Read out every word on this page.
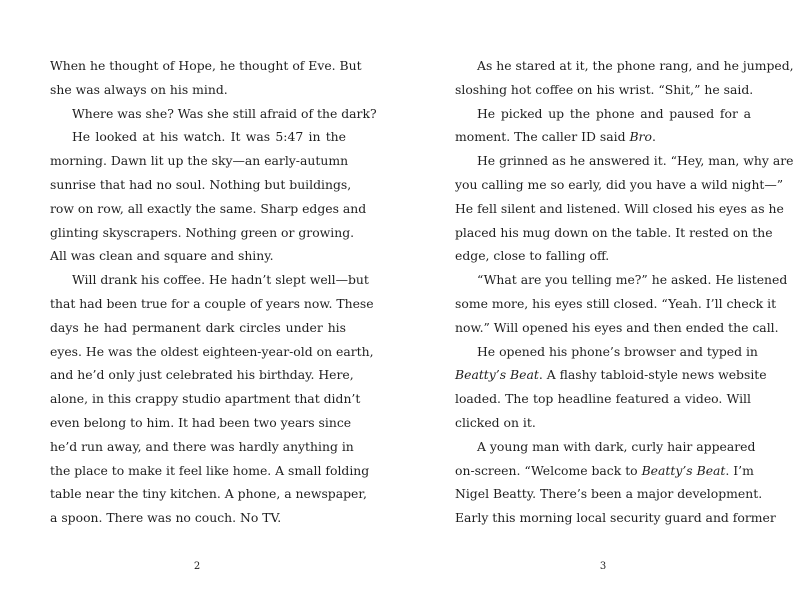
When he thought of Hope, he thought of Eve. But
she was always on his mind.
Where was she? Was she still afraid of the dark?
He looked at his watch. It was 5:47 in the
morning. Dawn lit up the sky—an early-autumn
sunrise that had no soul. Nothing but buildings,
row on row, all exactly the same. Sharp edges and
glinting skyscrapers. Nothing green or growing.
All was clean and square and shiny.
Will drank his coffee. He hadn’t slept well—but
that had been true for a couple of years now. These
days he had permanent dark circles under his
eyes. He was the oldest eighteen-year-old on earth,
and he’d only just celebrated his birthday. Here,
alone, in this crappy studio apartment that didn’t
even belong to him. It had been two years since
he’d run away, and there was hardly anything in
the place to make it feel like home. A small folding
table near the tiny kitchen. A phone, a newspaper,
a spoon. There was no couch. No TV.
As he stared at it, the phone rang, and he jumped,
sloshing hot coffee on his wrist. “Shit,” he said.
He picked up the phone and paused for a
moment. The caller ID said Bro.
He grinned as he answered it. “Hey, man, why are
you calling me so early, did you have a wild night—”
He fell silent and listened. Will closed his eyes as he
placed his mug down on the table. It rested on the
edge, close to falling off.
“What are you telling me?” he asked. He listened
some more, his eyes still closed. “Yeah. I’ll check it
now.” Will opened his eyes and then ended the call.
He opened his phone’s browser and typed in
Beatty’s Beat. A flashy tabloid-style news website
loaded. The top headline featured a video. Will
clicked on it.
A young man with dark, curly hair appeared
on-screen. “Welcome back to Beatty’s Beat. I’m
Nigel Beatty. There’s been a major development.
Early this morning local security guard and former
2	3
